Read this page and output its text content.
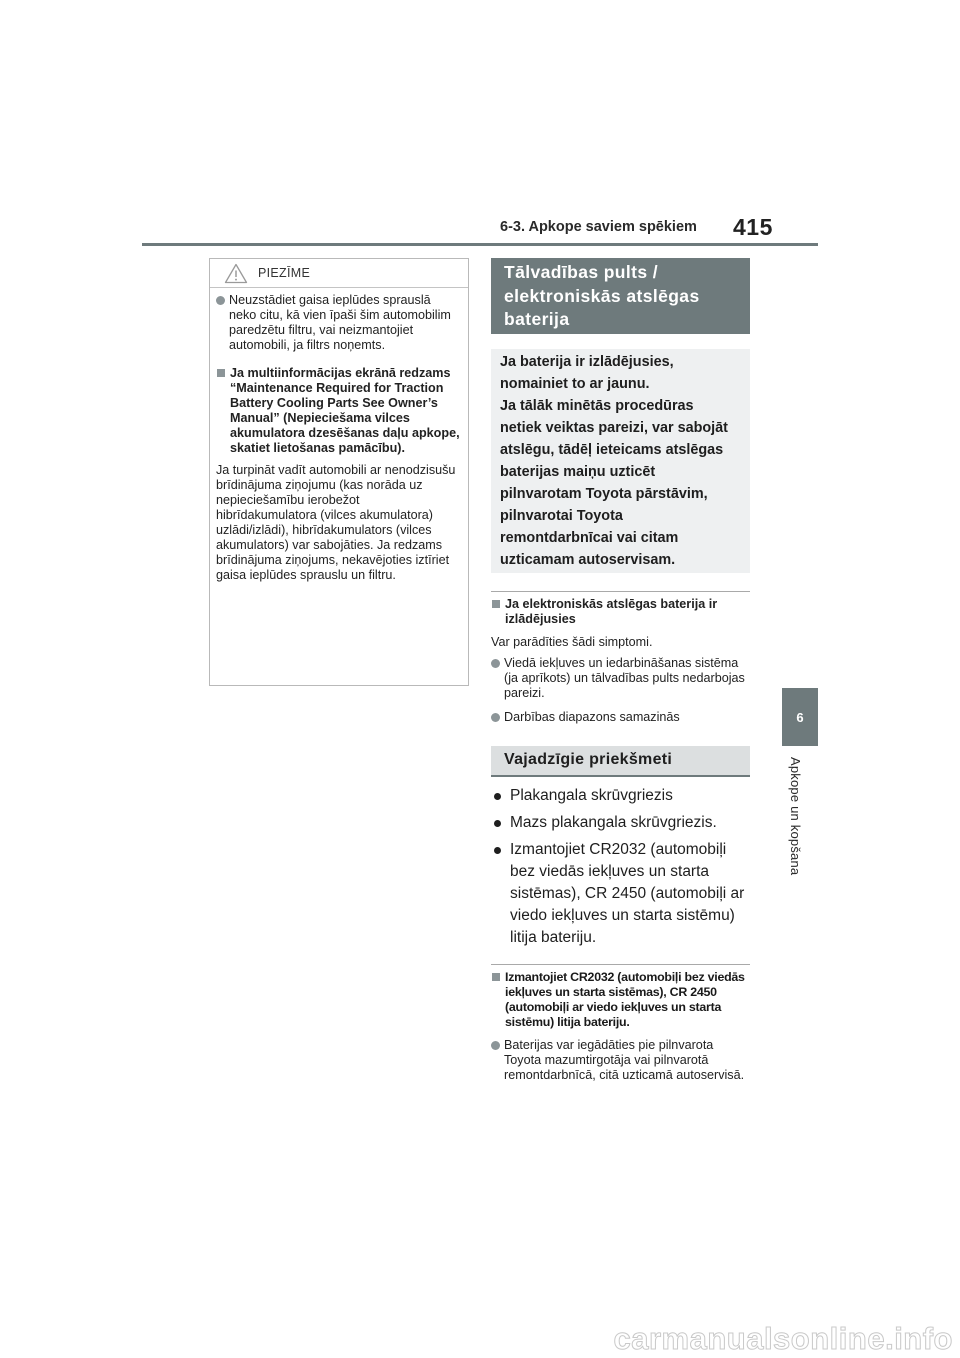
6-3. Apkope saviem spēkiem 415
6
Apkope un kopšana
PIEZĪME
Neuzstādiet gaisa ieplūdes sprauslā neko citu, kā vien īpaši šim automobilim paredzētu filtru, vai neizmantojiet automobili, ja filtrs noņemts.
Ja multiinformācijas ekrānā redzams “Maintenance Required for Traction Battery Cooling Parts See Owner’s Manual” (Nepieciešama vilces akumulatora dzesēšanas daļu apkope, skatiet lietošanas pamācību).
Ja turpināt vadīt automobili ar nenodzisušu brīdinājuma ziņojumu (kas norāda uz nepieciešamību ierobežot hibrīdakumulatora (vilces akumulatora) uzlādi/izlādi), hibrīdakumulators (vilces akumulators) var sabojāties. Ja redzams brīdinājuma ziņojums, nekavējoties iztīriet gaisa ieplūdes sprauslu un filtru.
Tālvadības pults /
elektroniskās atslēgas
baterija
Ja baterija ir izlādējusies,
nomainiet to ar jaunu.
Ja tālāk minētās procedūras
netiek veiktas pareizi, var sabojāt
atslēgu, tādēļ ieteicams atslēgas
baterijas maiņu uzticēt
pilnvarotam Toyota pārstāvim,
pilnvarotai Toyota
remontdarbnīcai vai citam
uzticamam autoservisam.
Ja elektroniskās atslēgas baterija ir izlādējusies
Var parādīties šādi simptomi.
Viedā iekļuves un iedarbināšanas sistēma (ja aprīkots) un tālvadības pults nedarbojas pareizi.
Darbības diapazons samazinās
Vajadzīgie priekšmeti
Plakangala skrūvgriezis
Mazs plakangala skrūvgriezis.
Izmantojiet CR2032 (automobiļi bez viedās iekļuves un starta sistēmas), CR 2450 (automobiļi ar viedo iekļuves un starta sistēmu) litija bateriju.
Izmantojiet CR2032 (automobiļi bez viedās iekļuves un starta sistēmas), CR 2450 (automobiļi ar viedo iekļuves un starta sistēmu) litija bateriju.
Baterijas var iegādāties pie pilnvarota Toyota mazumtirgotāja vai pilnvarotā remontdarbnīcā, citā uzticamā autoservisā.
carmanualsonline.info
